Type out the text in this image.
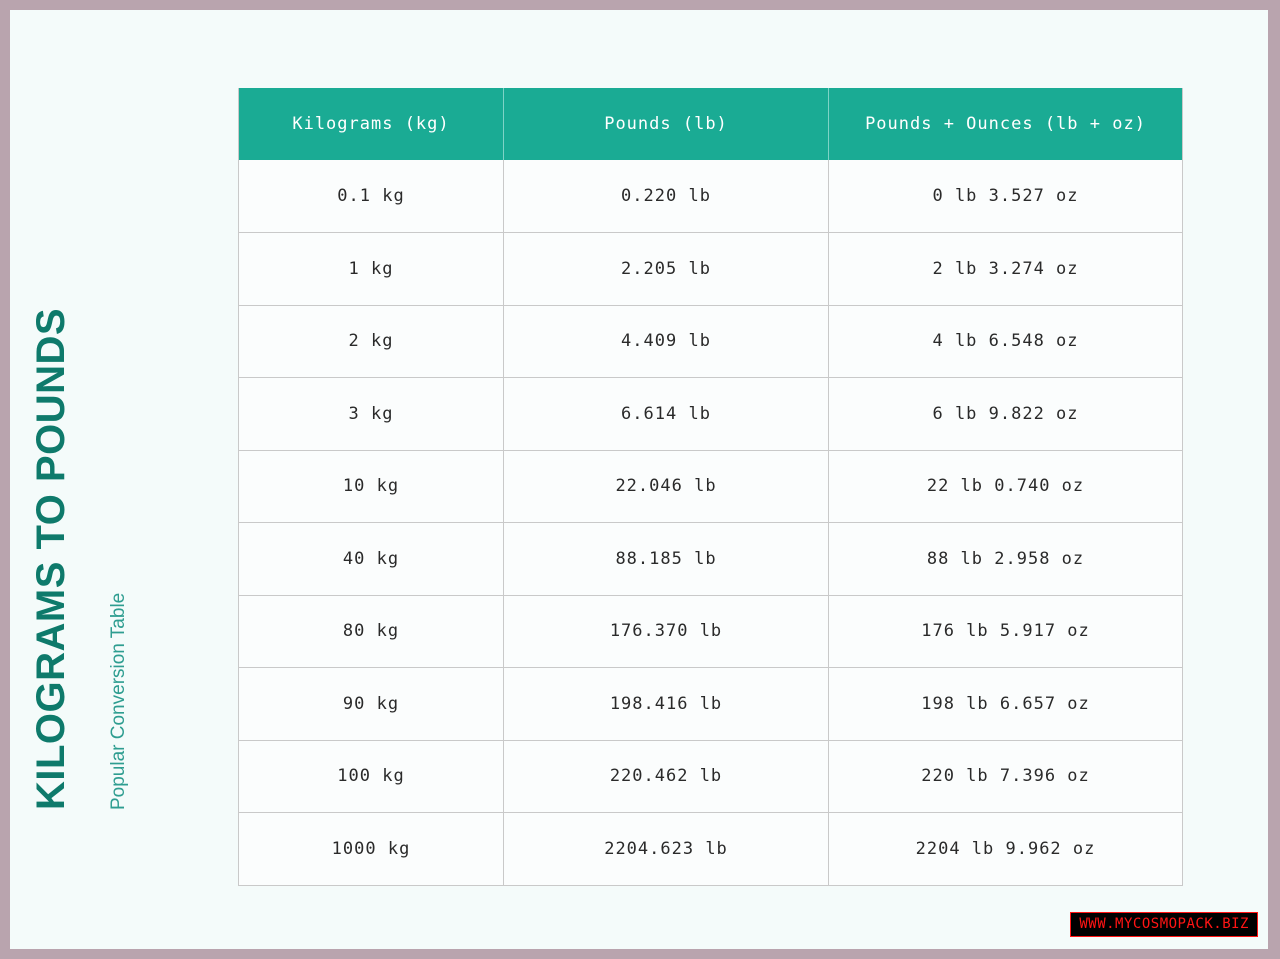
KILOGRAMS TO POUNDS Popular Conversion Table
Kilograms (kg)	Pounds (lb)	Pounds + Ounces (lb + oz)
0.1 kg	0.220 lb	0 lb 3.527 oz
1 kg	2.205 lb	2 lb 3.274 oz
2 kg	4.409 lb	4 lb 6.548 oz
3 kg	6.614 lb	6 lb 9.822 oz
10 kg	22.046 lb	22 lb 0.740 oz
40 kg	88.185 lb	88 lb 2.958 oz
80 kg	176.370 lb	176 lb 5.917 oz
90 kg	198.416 lb	198 lb 6.657 oz
100 kg	220.462 lb	220 lb 7.396 oz
1000 kg	2204.623 lb	2204 lb 9.962 oz
WWW.MYCOSMOPACK.BIZ
